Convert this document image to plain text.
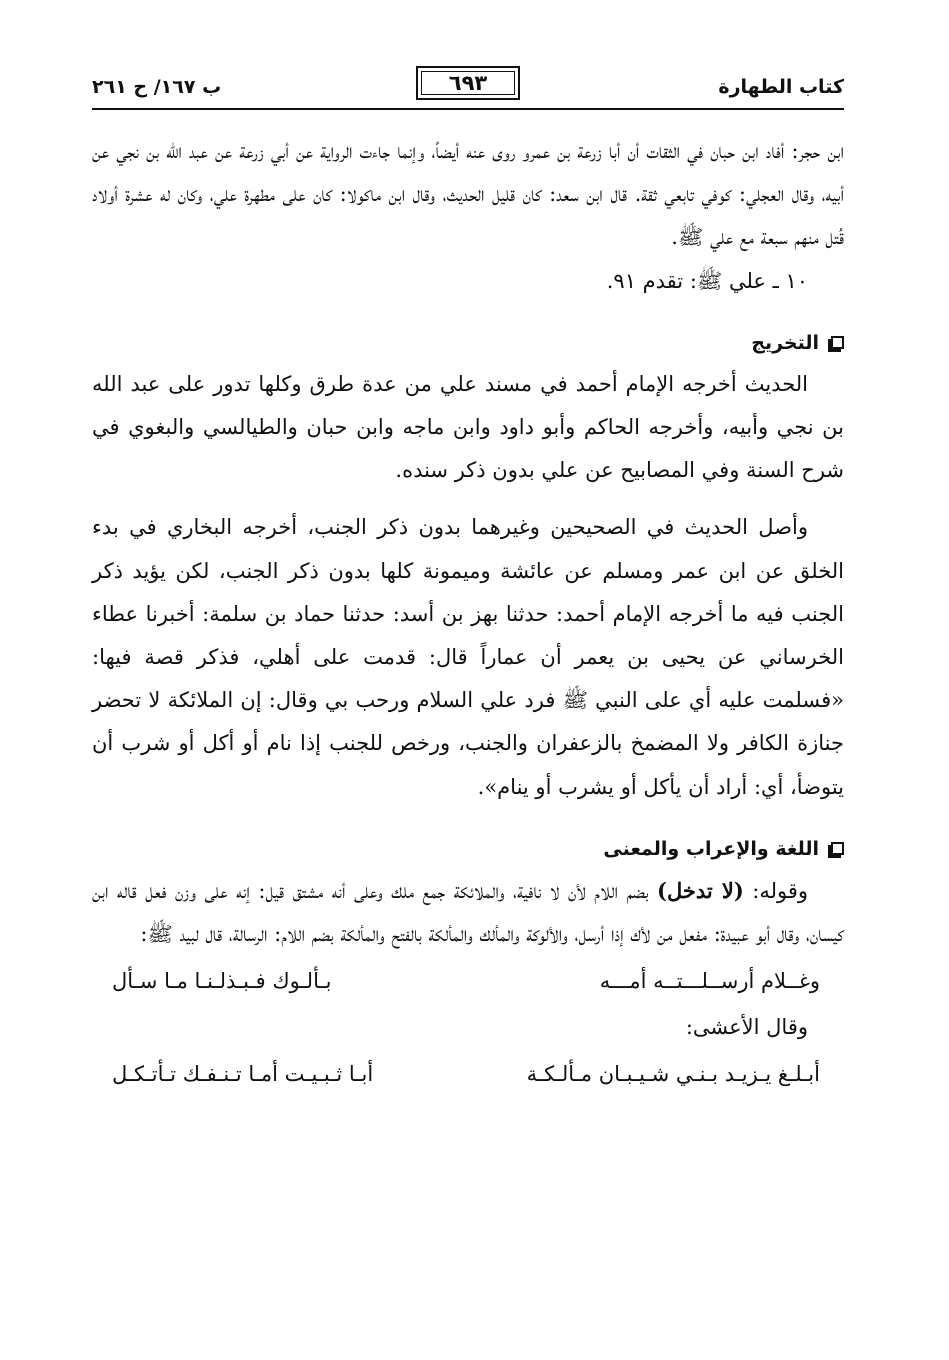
كتاب الطهارة
٦٩٣
ب ١٦٧/ ح ٢٦١

ابن حجر: أفاد ابن حبان في الثقات أن أبا زرعة بن عمرو روى عنه أيضاً، وإنما جاءت الرواية عن أبي زرعة عن عبد الله بن نجي عن أبيه، وقال العجلي: كوفي تابعي ثقة. قال ابن سعد: كان قليل الحديث، وقال ابن ماكولا: كان على مطهرة علي، وكان له عشرة أولاد قُتل منهم سبعة مع علي ﷺ.

١٠ ـ علي ﷺ: تقدم ٩١.

التخريج

الحديث أخرجه الإمام أحمد في مسند علي من عدة طرق وكلها تدور على عبد الله بن نجي وأبيه، وأخرجه الحاكم وأبو داود وابن ماجه وابن حبان والطيالسي والبغوي في شرح السنة وفي المصابيح عن علي بدون ذكر سنده.

وأصل الحديث في الصحيحين وغيرهما بدون ذكر الجنب، أخرجه البخاري في بدء الخلق عن ابن عمر ومسلم عن عائشة وميمونة كلها بدون ذكر الجنب، لكن يؤيد ذكر الجنب فيه ما أخرجه الإمام أحمد: حدثنا بهز بن أسد: حدثنا حماد بن سلمة: أخبرنا عطاء الخرساني عن يحيى بن يعمر أن عماراً قال: قدمت على أهلي، فذكر قصة فيها: «فسلمت عليه أي على النبي ﷺ فرد علي السلام ورحب بي وقال: إن الملائكة لا تحضر جنازة الكافر ولا المضمخ بالزعفران والجنب، ورخص للجنب إذا نام أو أكل أو شرب أن يتوضأ، أي: أراد أن يأكل أو يشرب أو ينام».

اللغة والإعراب والمعنى

وقوله: (لا تدخل) بضم اللام لأن لا نافية، والملائكة جمع ملك وعلى أنه مشتق قيل: إنه على وزن فعل قاله ابن كيسان، وقال أبو عبيدة: مفعل من لأك إذا أرسل، والألوكة والمألك والمألكة بالفتح والمألكة بضم اللام: الرسالة، قال لبيد ﷺ:

وغــلام أرســلـــتــه أمـــه
بـألـوك فـبـذلـنـا مـا سـأل

وقال الأعشى:

أبـلـغ يـزيـد بـنـي شـيـبـان مـألـكـة
أبـا ثـبـيـت أمـا تـنـفـك تـأتـكـل
